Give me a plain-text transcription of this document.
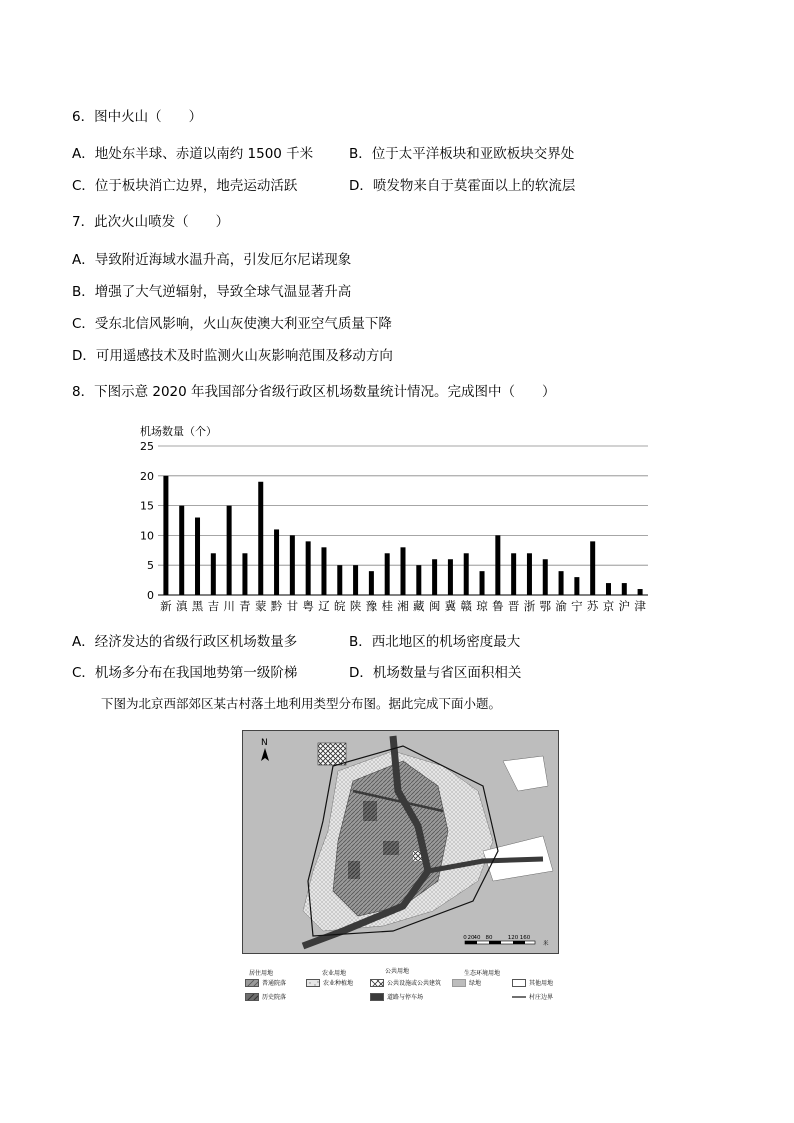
6．图中火山（　　）
A．地处东半球、赤道以南约 1500 千米	B．位于太平洋板块和亚欧板块交界处
C．位于板块消亡边界，地壳运动活跃	D．喷发物来自于莫霍面以上的软流层
7．此次火山喷发（　　）
A．导致附近海域水温升高，引发厄尔尼诺现象
B．增强了大气逆辐射，导致全球气温显著升高
C．受东北信风影响，火山灰使澳大利亚空气质量下降
D．可用遥感技术及时监测火山灰影响范围及移动方向
8．下图示意 2020 年我国部分省级行政区机场数量统计情况。完成图中（　　）
机场数量（个）
0
5
10
15
20
25
新 滇 黑 吉 川 青 蒙 黔 甘 粤 辽 皖 陕 豫 桂 湘 藏 闽 冀 赣 琼 鲁 晋 浙 鄂 渝 宁 苏 京 沪 津
A．经济发达的省级行政区机场数量多	B．西北地区的机场密度最大
C．机场多分布在我国地势第一级阶梯	D．机场数量与省区面积相关
下图为北京西部郊区某古村落土地利用类型分布图。据此完成下面小题。
N
0 20 40 80	120 160
米
居住用地
普通院落
历史院落
农业用地
农业种植地
公共用地
公共设施或公共建筑
道路与停车场
生态环境用地
绿地	其他用地
村庄边界
